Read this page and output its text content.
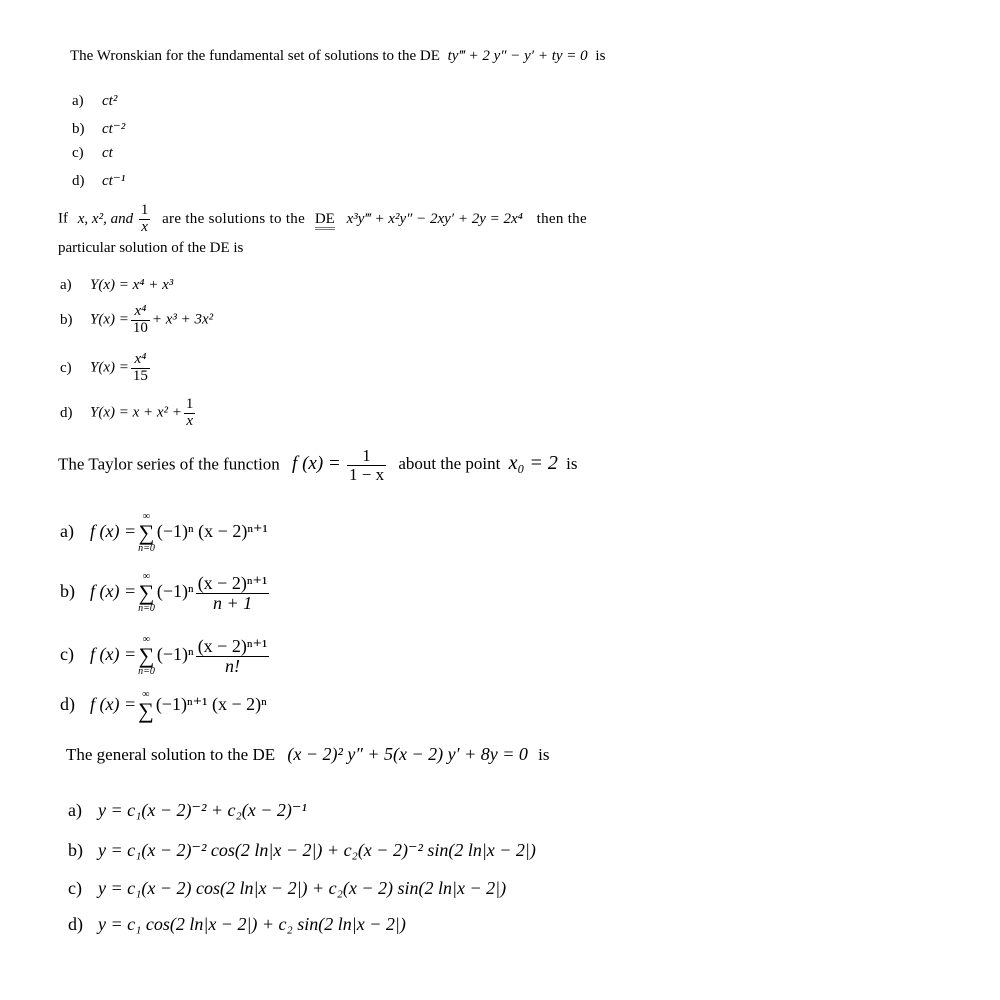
The Wronskian for the fundamental set of solutions to the DE ty‴ + 2 y″ − y′ + ty = 0 is
a) ct²
b) ct⁻²
c) ct
d) ct⁻¹
If x, x², and $\frac{1}{x}$ are the solutions to the DE x³y‴ + x²y″ − 2xy′ + 2y = 2x⁴ then the
particular solution of the DE is
a) Y(x) = x⁴ + x³
b) $Y(x) = \frac{\text{x⁴}}{10} + x^3 + 3x^2$
c) $Y(x) = \frac{\text{x⁴}}{15}$
d) $Y(x) = x + x^2 + \frac{1}{x}$
The Taylor series of the function f $(x) = \frac{1}{1 - x}$ about the point x₀ = 2 is
a) f (x) =
∞
∑
n=0
(−1)ⁿ (x − 2)ⁿ⁺¹
b) f (x) =
∞
∑
n=0
$(-1)^n \frac{\text{(x − 2)ⁿ⁺¹}}{n + 1}$
c) f (x) =
∞
∑
n=0
$(-1)^n \frac{\text{(x − 2)ⁿ⁺¹}}{n!}$
d) f (x) = ∞
∑ (−1)ⁿ⁺¹ (x − 2)ⁿ
The general solution to the DE (x − 2)² y″ + 5(x − 2) y′ + 8y = 0 is
a) y = c₁(x − 2)⁻² + c₂(x − 2)⁻¹
b) y = c₁(x − 2)⁻² cos(2 ln|x − 2|) + c₂(x − 2)⁻² sin(2 ln|x − 2|)
c) y = c₁(x − 2) cos(2 ln|x − 2|) + c₂(x − 2) sin(2 ln|x − 2|)
d) y = c₁ cos(2 ln|x − 2|) + c₂ sin(2 ln|x − 2|)
